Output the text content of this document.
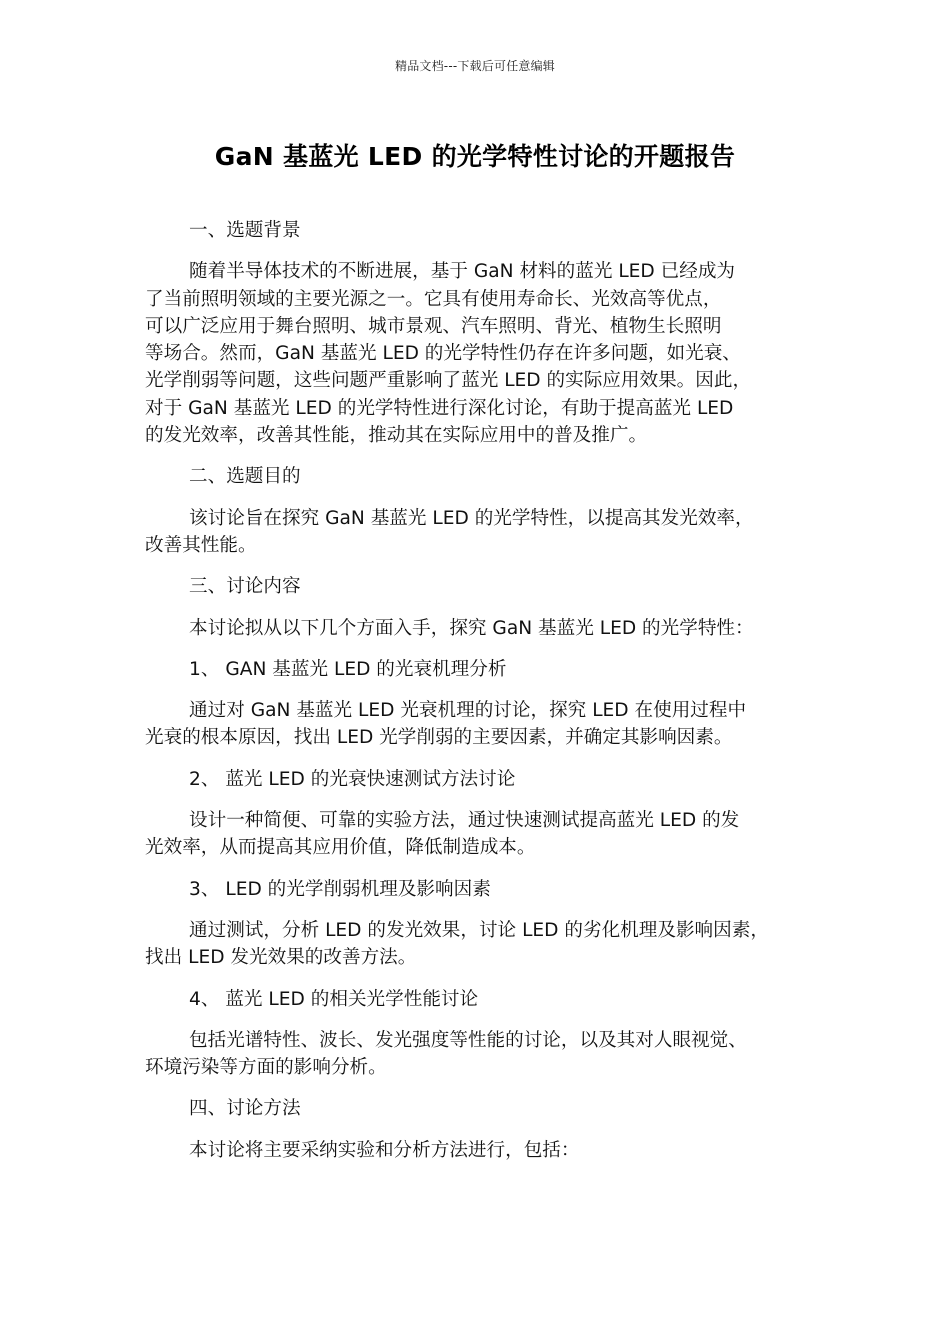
精品文档---下载后可任意编辑
GaN 基蓝光 LED 的光学特性讨论的开题报告

一、选题背景

随着半导体技术的不断进展，基于 GaN 材料的蓝光 LED 已经成为

了当前照明领域的主要光源之一。它具有使用寿命长、光效高等优点，

可以广泛应用于舞台照明、城市景观、汽车照明、背光、植物生长照明

等场合。然而，GaN 基蓝光 LED 的光学特性仍存在许多问题，如光衰、

光学削弱等问题，这些问题严重影响了蓝光 LED 的实际应用效果。因此，

对于 GaN 基蓝光 LED 的光学特性进行深化讨论，有助于提高蓝光 LED

的发光效率，改善其性能，推动其在实际应用中的普及推广。

二、选题目的

该讨论旨在探究 GaN 基蓝光 LED 的光学特性，以提高其发光效率，

改善其性能。

三、讨论内容

本讨论拟从以下几个方面入手，探究 GaN 基蓝光 LED 的光学特性：

1、 GAN 基蓝光 LED 的光衰机理分析

通过对 GaN 基蓝光 LED 光衰机理的讨论，探究 LED 在使用过程中

光衰的根本原因，找出 LED 光学削弱的主要因素，并确定其影响因素。

2、 蓝光 LED 的光衰快速测试方法讨论

设计一种简便、可靠的实验方法，通过快速测试提高蓝光 LED 的发

光效率，从而提高其应用价值，降低制造成本。

3、 LED 的光学削弱机理及影响因素

通过测试，分析 LED 的发光效果，讨论 LED 的劣化机理及影响因素，

找出 LED 发光效果的改善方法。

4、 蓝光 LED 的相关光学性能讨论

包括光谱特性、波长、发光强度等性能的讨论，以及其对人眼视觉、

环境污染等方面的影响分析。

四、讨论方法

本讨论将主要采纳实验和分析方法进行，包括：
